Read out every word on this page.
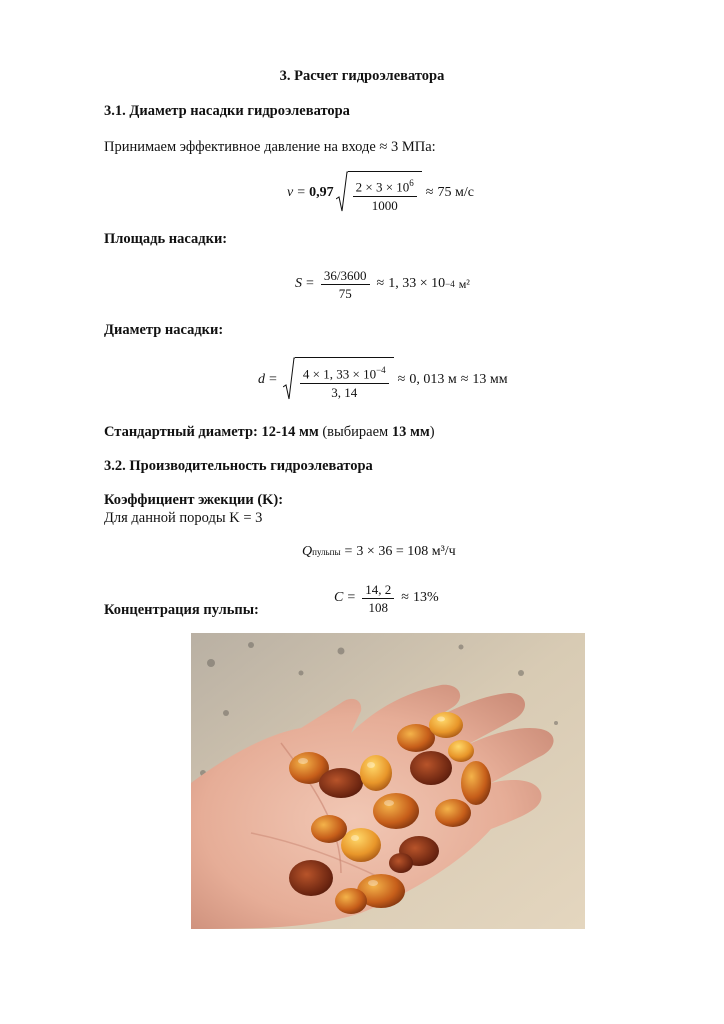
3. Расчет гидроэлеватора
3.1. Диаметр насадки гидроэлеватора
Принимаем эффективное давление на входе ≈ 3 МПа:
$v = 0,97 \frac{2 \times 3 \times 10^6}{1000} \approx 75$ м/с
Площадь насадки:
$S = \frac{36/3600}{75} \approx 1$, 33 × 10 −4 м²
Диаметр насадки:
$d = \frac{4 \times 1, 33 \times 10^{-4}}{3, 14} \approx 0$, 013 м ≈ 13 мм
Стандартный диаметр: 12-14 мм (выбираем 13 мм)
3.2. Производительность гидроэлеватора
Коэффициент эжекции (K):
Для данной породы K = 3
Q пульпы = 3 × 36 = 108 м³/ч
$C = \frac{14, 2}{108} \approx 13\%$
Концентрация пульпы:
